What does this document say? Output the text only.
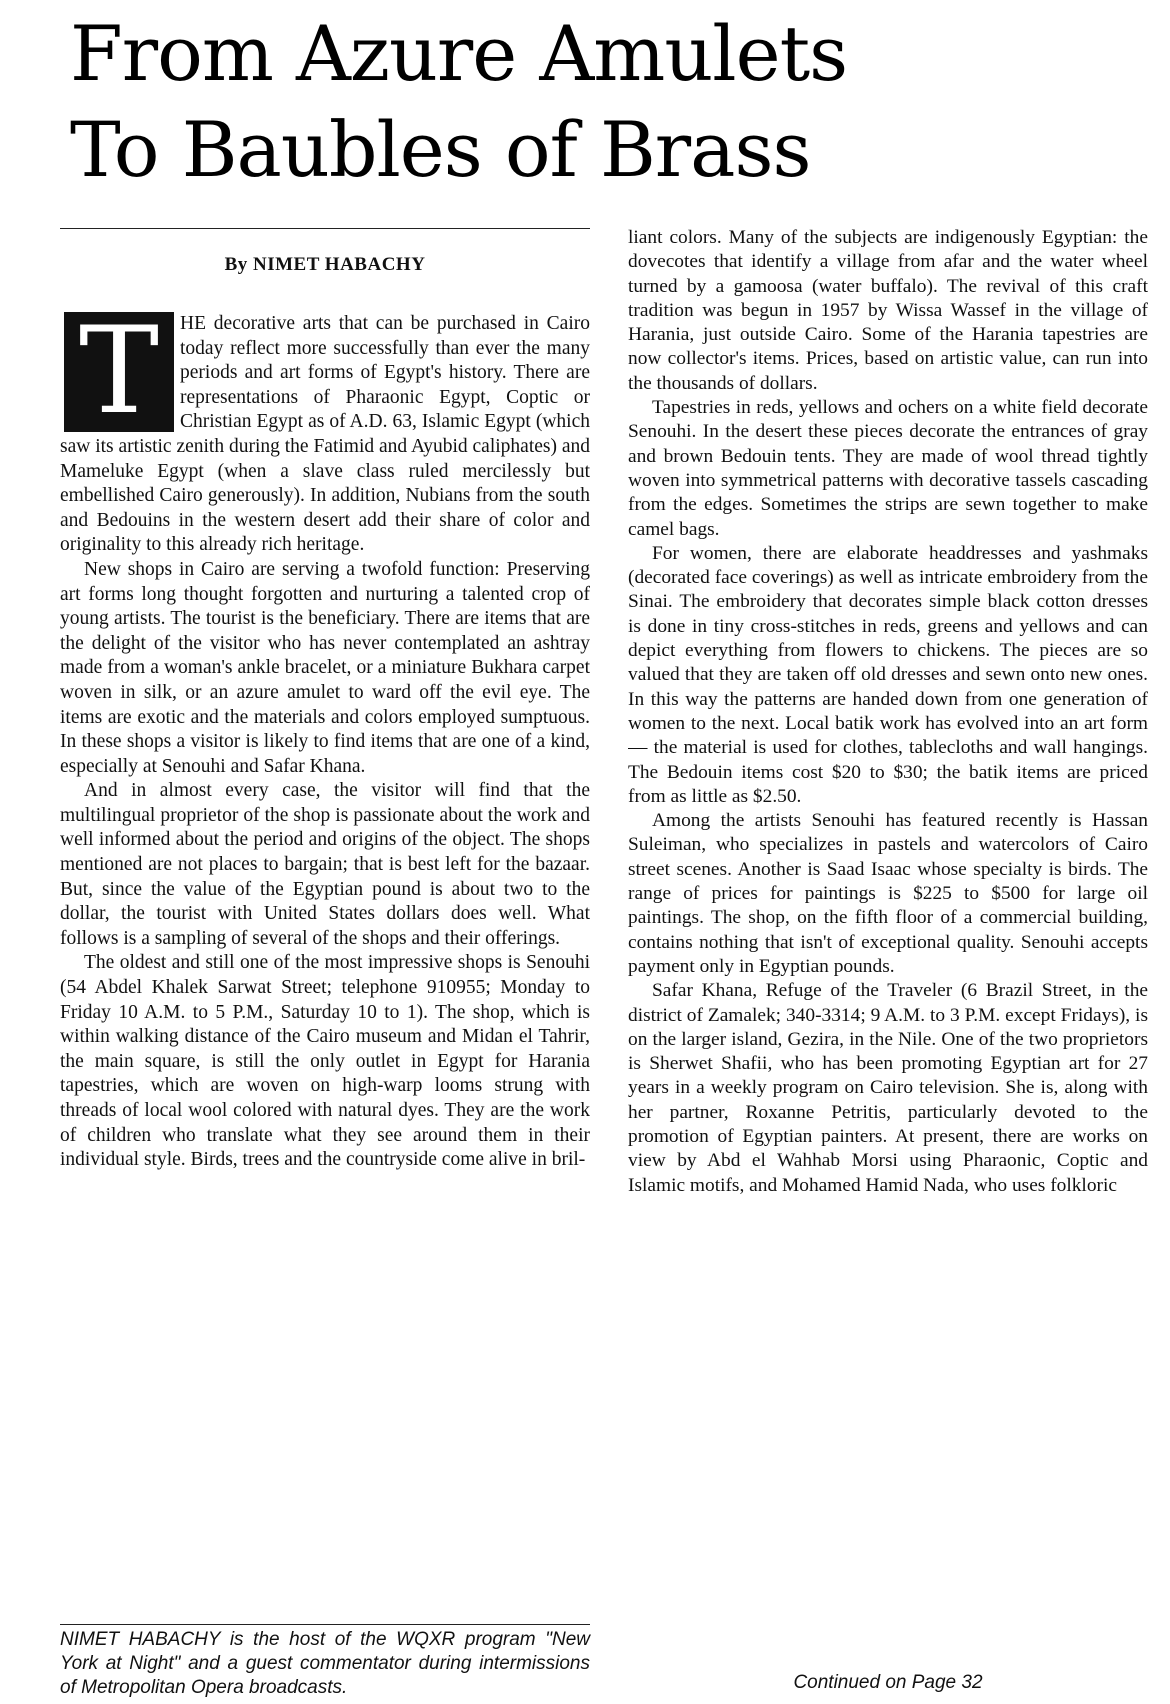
From Azure Amulets
To Baubles of Brass
By NIMET HABACHY

HE decorative arts that can be purchased in Cairo today reflect more successfully than ever the many periods and art forms of Egypt's history. There are representations of Pharaonic Egypt, Coptic or Christian Egypt as of A.D. 63, Islamic Egypt (which saw its artistic zenith during the Fatimid and Ayubid caliphates) and Mameluke Egypt (when a slave class ruled mercilessly but embellished Cairo generously). In addition, Nubians from the south and Bedouins in the western desert add their share of color and originality to this already rich heritage.

New shops in Cairo are serving a twofold function: Preserving art forms long thought forgotten and nurturing a talented crop of young artists. The tourist is the beneficiary. There are items that are the delight of the visitor who has never contemplated an ashtray made from a woman's ankle bracelet, or a miniature Bukhara carpet woven in silk, or an azure amulet to ward off the evil eye. The items are exotic and the materials and colors employed sumptuous. In these shops a visitor is likely to find items that are one of a kind, especially at Senouhi and Safar Khana.

And in almost every case, the visitor will find that the multilingual proprietor of the shop is passionate about the work and well informed about the period and origins of the object. The shops mentioned are not places to bargain; that is best left for the bazaar. But, since the value of the Egyptian pound is about two to the dollar, the tourist with United States dollars does well. What follows is a sampling of several of the shops and their offerings.

The oldest and still one of the most impressive shops is Senouhi (54 Abdel Khalek Sarwat Street; telephone 910955; Monday to Friday 10 A.M. to 5 P.M., Saturday 10 to 1). The shop, which is within walking distance of the Cairo museum and Midan el Tahrir, the main square, is still the only outlet in Egypt for Harania tapestries, which are woven on high-warp looms strung with threads of local wool colored with natural dyes. They are the work of children who translate what they see around them in their individual style. Birds, trees and the countryside come alive in bril-

T

liant colors. Many of the subjects are indigenously Egyptian: the dovecotes that identify a village from afar and the water wheel turned by a gamoosa (water buffalo). The revival of this craft tradition was begun in 1957 by Wissa Wassef in the village of Harania, just outside Cairo. Some of the Harania tapestries are now collector's items. Prices, based on artistic value, can run into the thousands of dollars.

Tapestries in reds, yellows and ochers on a white field decorate Senouhi. In the desert these pieces decorate the entrances of gray and brown Bedouin tents. They are made of wool thread tightly woven into symmetrical patterns with decorative tassels cascading from the edges. Sometimes the strips are sewn together to make camel bags.

For women, there are elaborate headdresses and yashmaks (decorated face coverings) as well as intricate embroidery from the Sinai. The embroidery that decorates simple black cotton dresses is done in tiny cross-stitches in reds, greens and yellows and can depict everything from flowers to chickens. The pieces are so valued that they are taken off old dresses and sewn onto new ones. In this way the patterns are handed down from one generation of women to the next. Local batik work has evolved into an art form — the material is used for clothes, tablecloths and wall hangings. The Bedouin items cost $20 to $30; the batik items are priced from as little as $2.50.

Among the artists Senouhi has featured recently is Hassan Suleiman, who specializes in pastels and watercolors of Cairo street scenes. Another is Saad Isaac whose specialty is birds. The range of prices for paintings is $225 to $500 for large oil paintings. The shop, on the fifth floor of a commercial building, contains nothing that isn't of exceptional quality. Senouhi accepts payment only in Egyptian pounds.

Safar Khana, Refuge of the Traveler (6 Brazil Street, in the district of Zamalek; 340-3314; 9 A.M. to 3 P.M. except Fridays), is on the larger island, Gezira, in the Nile. One of the two proprietors is Sherwet Shafii, who has been promoting Egyptian art for 27 years in a weekly program on Cairo television. She is, along with her partner, Roxanne Petritis, particularly devoted to the promotion of Egyptian painters. At present, there are works on view by Abd el Wahhab Morsi using Pharaonic, Coptic and Islamic motifs, and Mohamed Hamid Nada, who uses folkloric

NIMET HABACHY is the host of the WQXR program "New York at Night" and a guest commentator during intermissions of Metropolitan Opera broadcasts.	Continued on Page 32
